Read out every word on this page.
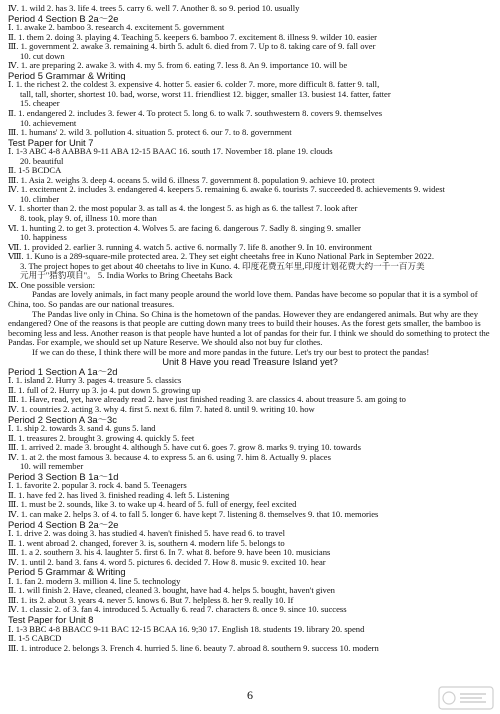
Ⅳ. 1. wild 2. has 3. life 4. trees 5. carry 6. well 7. Another 8. so 9. period 10. usually
Period 4 Section B 2a～2e
Ⅰ. 1. awake 2. bamboo 3. research 4. excitement 5. government
Ⅱ. 1. them 2. doing 3. playing 4. Teaching 5. keepers 6. bamboo 7. excitement 8. illness 9. wilder 10. easier
Ⅲ. 1. government 2. awake 3. remaining 4. birth 5. adult 6. died from 7. Up to 8. taking care of 9. fall over
10. cut down
Ⅳ. 1. are preparing 2. awake 3. with 4. my 5. from 6. eating 7. less 8. An 9. importance 10. will be
Period 5 Grammar & Writing
Ⅰ. 1. the richest 2. the coldest 3. expensive 4. hotter 5. easier 6. colder 7. more, more difficult 8. fatter 9. tall,
tall, tall, shorter, shortest 10. bad, worse, worst 11. friendliest 12. bigger, smaller 13. busiest 14. fatter, fatter
15. cheaper
Ⅱ. 1. endangered 2. includes 3. fewer 4. To protect 5. long 6. to walk 7. southwestern 8. covers 9. themselves
10. achievement
Ⅲ. 1. humans' 2. wild 3. pollution 4. situation 5. protect 6. our 7. to 8. government
Test Paper for Unit 7
Ⅰ. 1-3 ABC 4-8 AABBA 9-11 ABA 12-15 BAAC 16. south 17. November 18. plane 19. clouds
20. beautiful
Ⅱ. 1-5 BCDCA
Ⅲ. 1. Asia 2. weighs 3. deep 4. oceans 5. wild 6. illness 7. government 8. population 9. achieve 10. protect
Ⅳ. 1. excitement 2. includes 3. endangered 4. keepers 5. remaining 6. awake 6. tourists 7. succeeded 8. achievements 9. widest
10. climber
Ⅴ. 1. shorter than 2. the most popular 3. as tall as 4. the longest 5. as high as 6. the tallest 7. look after
8. took, play 9. of, illness 10. more than
Ⅵ. 1. hunting 2. to get 3. protection 4. Wolves 5. are facing 6. dangerous 7. Sadly 8. singing 9. smaller
10. happiness
Ⅶ. 1. provided 2. earlier 3. running 4. watch 5. active 6. normally 7. life 8. another 9. In 10. environment
Ⅷ. 1. Kuno is a 289-square-mile protected area. 2. They set eight cheetahs free in Kuno National Park in September 2022.
3. The project hopes to get about 40 cheetahs to live in Kuno. 4. 印度花费五年里,印度计划花费大约一千一百万美
元用于"猎豹项目"。 5. India Works to Bring Cheetahs Back
Ⅸ. One possible version:
Pandas are lovely animals, in fact many people around the world love them. Pandas have become so popular that it is a symbol of China, too. So pandas are our national treasures.
The Pandas live only in China. So China is the hometown of the pandas. However they are endangered animals. But why are they endangered? One of the reasons is that people are cutting down many trees to build their houses. As the forest gets smaller, the bamboo is becoming less and less. Another reason is that people have hunted a lot of pandas for their fur. I think we should do something to protect the Pandas. For example, we should set up Nature Reserve. We should also not buy fur clothes.
If we can do these, I think there will be more and more pandas in the future. Let's try our best to protect the pandas!
Unit 8 Have you read Treasure Island yet?
Period 1 Section A 1a～2d
Ⅰ. 1. island 2. Hurry 3. pages 4. treasure 5. classics
Ⅱ. 1. full of 2. Hurry up 3. jo 4. put down 5. growing up
Ⅲ. 1. Have, read, yet, have already read 2. have just finished reading 3. are classics 4. about treasure 5. am going to
Ⅳ. 1. countries 2. acting 3. why 4. first 5. next 6. film 7. hated 8. until 9. writing 10. how
Period 2 Section A 3a～3c
Ⅰ. 1. ship 2. towards 3. sand 4. guns 5. land
Ⅱ. 1. treasures 2. brought 3. growing 4. quickly 5. feet
Ⅲ. 1. arrived 2. made 3. brought 4. although 5. have cut 6. goes 7. grow 8. marks 9. trying 10. towards
Ⅳ. 1. at 2. the most famous 3. because 4. to express 5. an 6. using 7. him 8. Actually 9. places
10. will remember
Period 3 Section B 1a～1d
Ⅰ. 1. favorite 2. popular 3. rock 4. band 5. Teenagers
Ⅱ. 1. have fed 2. has lived 3. finished reading 4. left 5. Listening
Ⅲ. 1. must be 2. sounds, like 3. to wake up 4. heard of 5. full of energy, feel excited
Ⅳ. 1. can make 2. helps 3. of 4. to fall 5. longer 6. have kept 7. listening 8. themselves 9. that 10. memories
Period 4 Section B 2a～2e
Ⅰ. 1. drive 2. was doing 3. has studied 4. haven't finished 5. have read 6. to travel
Ⅱ. 1. went abroad 2. changed, forever 3. is, southern 4. modern life 5. belongs to
Ⅲ. 1. a 2. southern 3. his 4. laughter 5. first 6. In 7. what 8. before 9. have been 10. musicians
Ⅳ. 1. until 2. band 3. fans 4. word 5. pictures 6. decided 7. How 8. music 9. excited 10. hear
Period 5 Grammar & Writing
Ⅰ. 1. fan 2. modern 3. million 4. line 5. technology
Ⅱ. 1. will finish 2. Have, cleaned, cleaned 3. bought, have had 4. helps 5. bought, haven't given
Ⅲ. 1. its 2. about 3. years 4. never 5. knows 6. But 7. helpless 8. her 9. really 10. If
Ⅳ. 1. classic 2. of 3. fan 4. introduced 5. Actually 6. read 7. characters 8. once 9. since 10. success
Test Paper for Unit 8
Ⅰ. 1-3 BBC 4-8 BBACC 9-11 BAC 12-15 BCAA 16. 9;30 17. English 18. students 19. library 20. spend
Ⅱ. 1-5 CABCD
Ⅲ. 1. introduce 2. belongs 3. French 4. hurried 5. line 6. beauty 7. abroad 8. southern 9. success 10. modern
6
